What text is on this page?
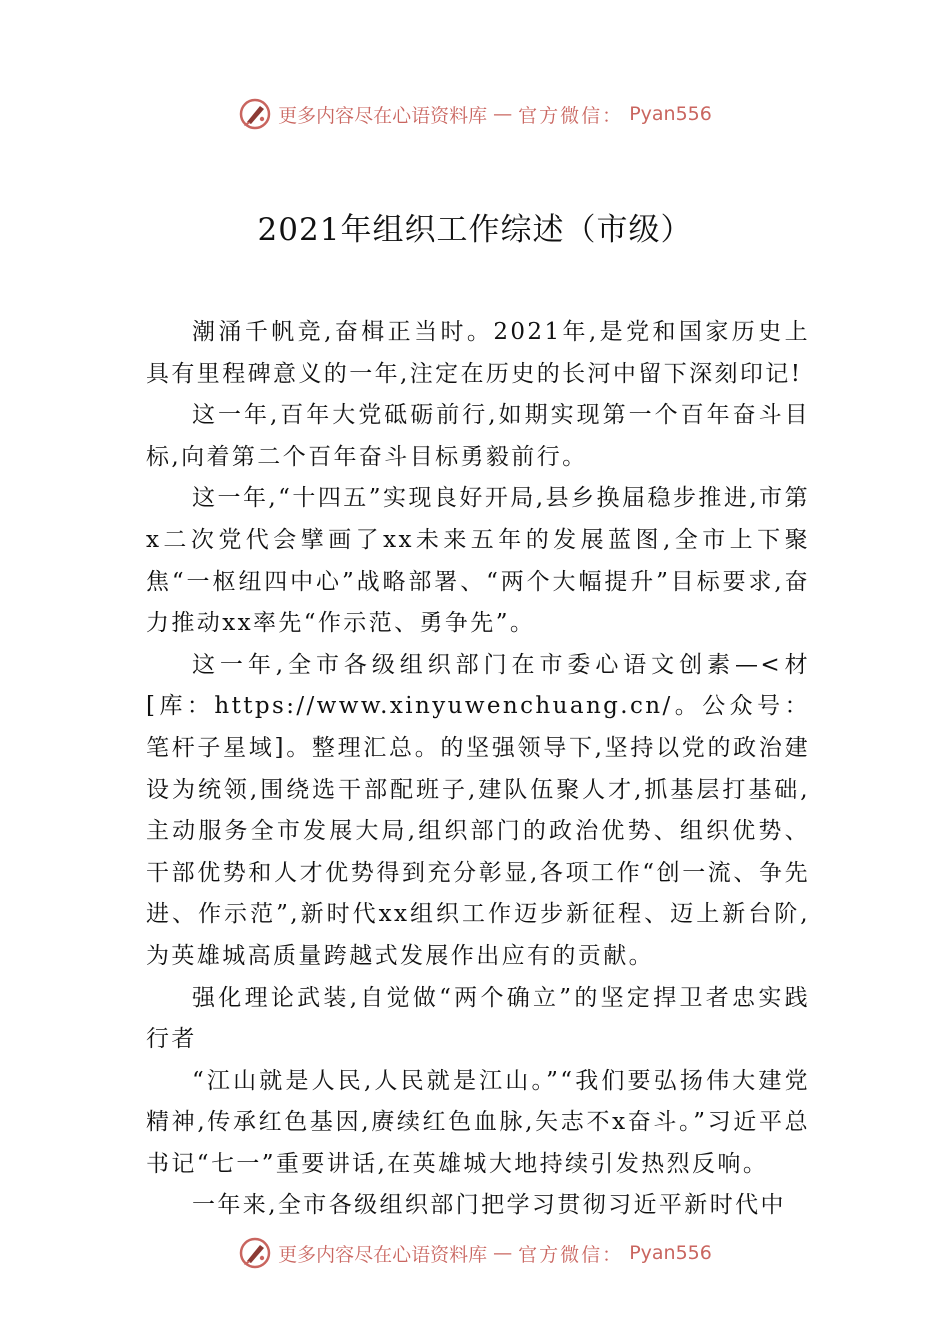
更多内容尽在心语资料库 — 官方微信： Pyan556
2021年组织工作综述（市级）

潮涌千帆竞,奋楫正当时。2021年,是党和国家历史上具有里程碑意义的一年,注定在历史的长河中留下深刻印记!

这一年,百年大党砥砺前行,如期实现第一个百年奋斗目标,向着第二个百年奋斗目标勇毅前行。

这一年,“十四五”实现良好开局,县乡换届稳步推进,市第x二次党代会擘画了xx未来五年的发展蓝图,全市上下聚焦“一枢纽四中心”战略部署、“两个大幅提升”目标要求,奋力推动xx率先“作示范、勇争先”。

这一年,全市各级组织部门在市委心语文创素—<材[库：https://www.xinyuwenchuang.cn/。公众号：笔杆子星域]。整理汇总。的坚强领导下,坚持以党的政治建设为统领,围绕选干部配班子,建队伍聚人才,抓基层打基础,主动服务全市发展大局,组织部门的政治优势、组织优势、干部优势和人才优势得到充分彰显,各项工作“创一流、争先进、作示范”,新时代xx组织工作迈步新征程、迈上新台阶,为英雄城高质量跨越式发展作出应有的贡献。

强化理论武装,自觉做“两个确立”的坚定捍卫者忠实践行者

“江山就是人民,人民就是江山。”“我们要弘扬伟大建党精神,传承红色基因,赓续红色血脉,矢志不x奋斗。”习近平总书记“七一”重要讲话,在英雄城大地持续引发热烈反响。

一年来,全市各级组织部门把学习贯彻习近平新时代中

更多内容尽在心语资料库 — 官方微信： Pyan556
